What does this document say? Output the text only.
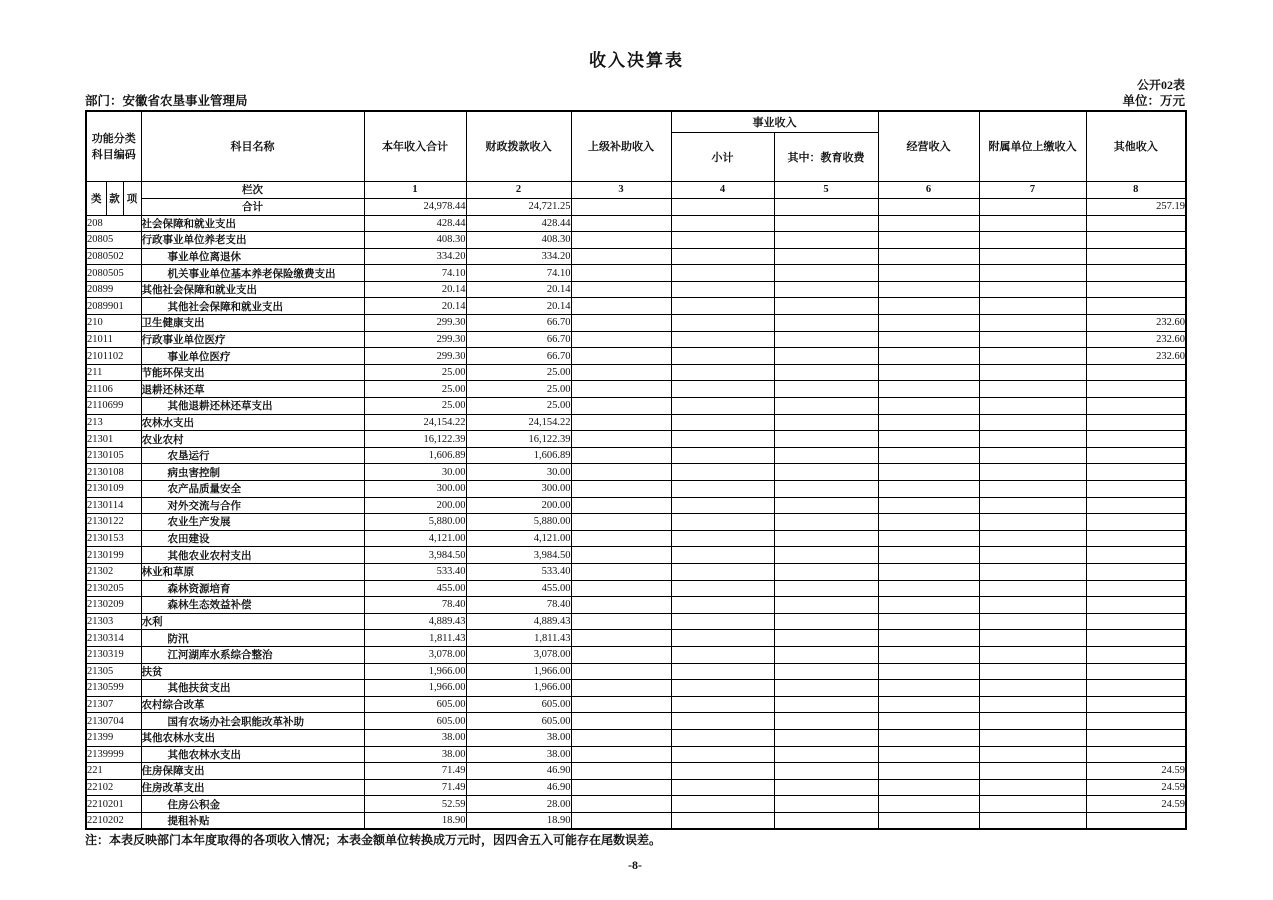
收入决算表
公开02表
部门：安徽省农垦事业管理局	单位：万元
功能分类
科目编码			科目名称	本年收入合计	财政拨款收入	上级补助收入	事业收入		经营收入	附属单位上缴收入	其他收入
							小计	其中：教育收费			
类	款	项	栏次	1	2	3	4	5	6	7	8
			合计	24,978.44	24,721.25						257.19
208			社会保障和就业支出	428.44	428.44						
20805			行政事业单位养老支出	408.30	408.30						
2080502			事业单位离退休	334.20	334.20						
2080505			机关事业单位基本养老保险缴费支出	74.10	74.10						
20899			其他社会保障和就业支出	20.14	20.14						
2089901			其他社会保障和就业支出	20.14	20.14						
210			卫生健康支出	299.30	66.70						232.60
21011			行政事业单位医疗	299.30	66.70						232.60
2101102			事业单位医疗	299.30	66.70						232.60
211			节能环保支出	25.00	25.00						
21106			退耕还林还草	25.00	25.00						
2110699			其他退耕还林还草支出	25.00	25.00						
213			农林水支出	24,154.22	24,154.22						
21301			农业农村	16,122.39	16,122.39						
2130105			农垦运行	1,606.89	1,606.89						
2130108			病虫害控制	30.00	30.00						
2130109			农产品质量安全	300.00	300.00						
2130114			对外交流与合作	200.00	200.00						
2130122			农业生产发展	5,880.00	5,880.00						
2130153			农田建设	4,121.00	4,121.00						
2130199			其他农业农村支出	3,984.50	3,984.50						
21302			林业和草原	533.40	533.40						
2130205			森林资源培育	455.00	455.00						
2130209			森林生态效益补偿	78.40	78.40						
21303			水利	4,889.43	4,889.43						
2130314			防汛	1,811.43	1,811.43						
2130319			江河湖库水系综合整治	3,078.00	3,078.00						
21305			扶贫	1,966.00	1,966.00						
2130599			其他扶贫支出	1,966.00	1,966.00						
21307			农村综合改革	605.00	605.00						
2130704			国有农场办社会职能改革补助	605.00	605.00						
21399			其他农林水支出	38.00	38.00						
2139999			其他农林水支出	38.00	38.00						
221			住房保障支出	71.49	46.90						24.59
22102			住房改革支出	71.49	46.90						24.59
2210201			住房公积金	52.59	28.00						24.59
2210202			提租补贴	18.90	18.90						
注：本表反映部门本年度取得的各项收入情况；本表金额单位转换成万元时，因四舍五入可能存在尾数误差。
-8-
